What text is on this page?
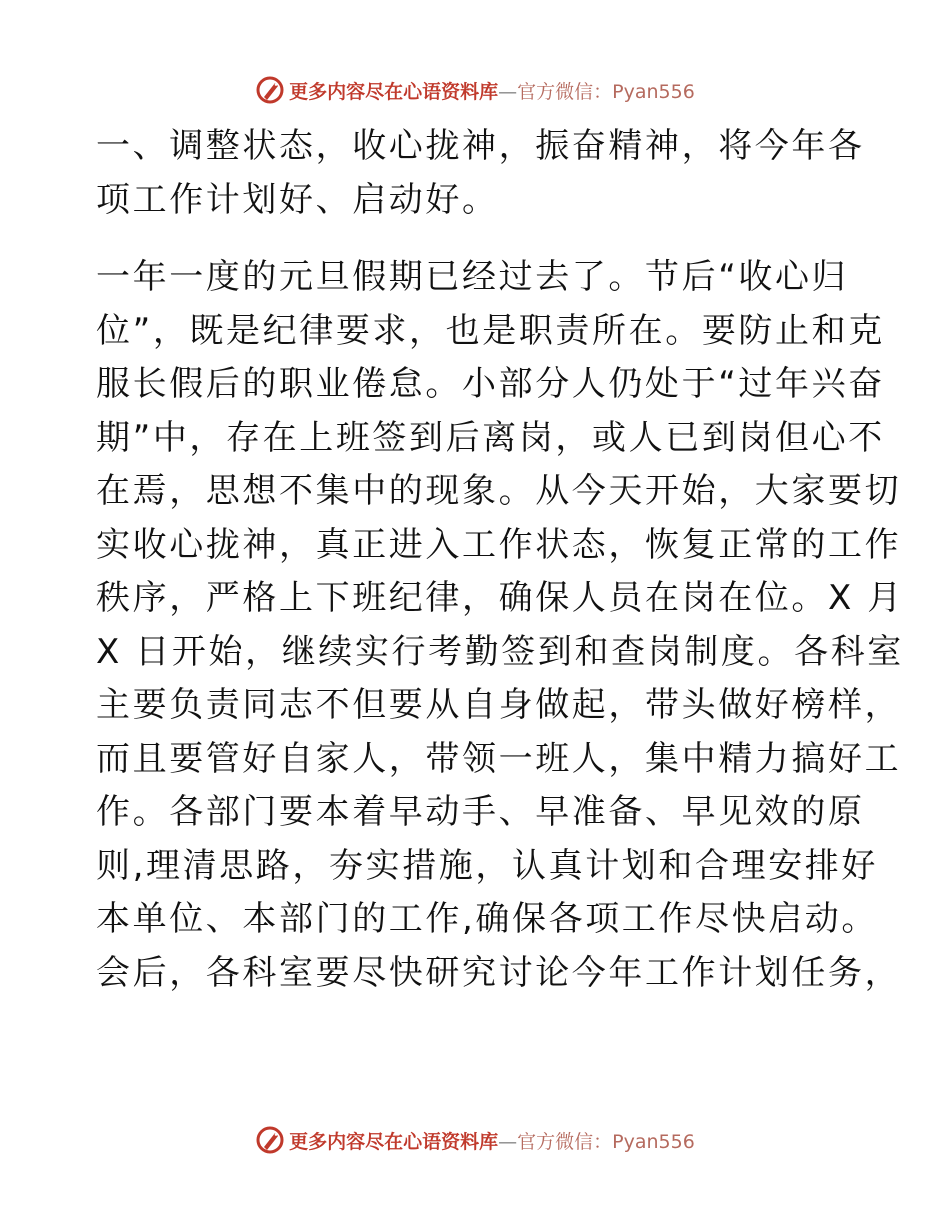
更多内容尽在心语资料库—官方微信：Pyan556
一、调整状态，收心拢神，振奋精神，将今年各
项工作计划好、启动好。
一年一度的元旦假期已经过去了。节后“收心归
位”，既是纪律要求，也是职责所在。要防止和克
服长假后的职业倦怠。小部分人仍处于“过年兴奋
期”中，存在上班签到后离岗，或人已到岗但心不
在焉，思想不集中的现象。从今天开始，大家要切
实收心拢神，真正进入工作状态，恢复正常的工作
秩序，严格上下班纪律，确保人员在岗在位。X 月
X 日开始，继续实行考勤签到和查岗制度。各科室
主要负责同志不但要从自身做起，带头做好榜样，
而且要管好自家人，带领一班人，集中精力搞好工
作。各部门要本着早动手、早准备、早见效的原
则,理清思路，夯实措施，认真计划和合理安排好
本单位、本部门的工作,确保各项工作尽快启动。
会后，各科室要尽快研究讨论今年工作计划任务，
更多内容尽在心语资料库—官方微信：Pyan556
